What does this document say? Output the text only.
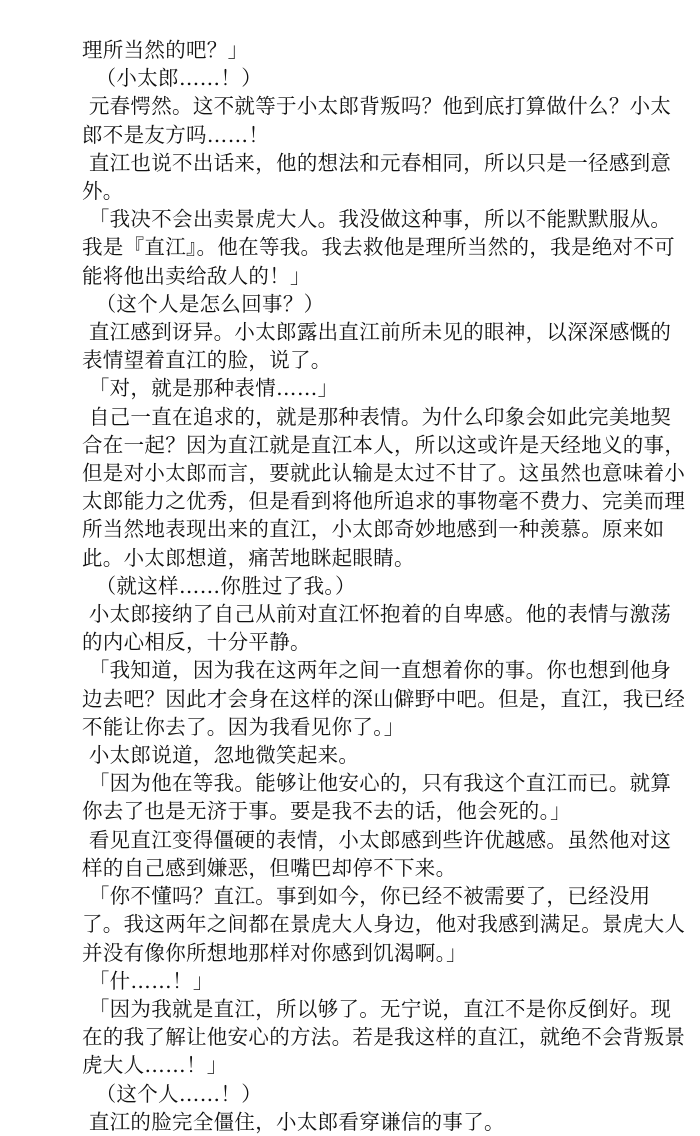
理所当然的吧？」
（小太郎……！）
元春愕然。这不就等于小太郎背叛吗？他到底打算做什么？小太
郎不是友方吗……！
直江也说不出话来，他的想法和元春相同，所以只是一径感到意
外。
「我决不会出卖景虎大人。我没做这种事，所以不能默默服从。
我是『直江』。他在等我。我去救他是理所当然的，我是绝对不可
能将他出卖给敌人的！」
（这个人是怎么回事？）
直江感到讶异。小太郎露出直江前所未见的眼神，以深深感慨的
表情望着直江的脸，说了。
「对，就是那种表情……」
自己一直在追求的，就是那种表情。为什么印象会如此完美地契
合在一起？因为直江就是直江本人，所以这或许是天经地义的事，
但是对小太郎而言，要就此认输是太过不甘了。这虽然也意味着小
太郎能力之优秀，但是看到将他所追求的事物毫不费力、完美而理
所当然地表现出来的直江，小太郎奇妙地感到一种羡慕。原来如
此。小太郎想道，痛苦地眯起眼睛。
（就这样……你胜过了我。）
小太郎接纳了自己从前对直江怀抱着的自卑感。他的表情与激荡
的内心相反，十分平静。
「我知道，因为我在这两年之间一直想着你的事。你也想到他身
边去吧？因此才会身在这样的深山僻野中吧。但是，直江，我已经
不能让你去了。因为我看见你了。」
小太郎说道，忽地微笑起来。
「因为他在等我。能够让他安心的，只有我这个直江而已。就算
你去了也是无济于事。要是我不去的话，他会死的。」
看见直江变得僵硬的表情，小太郎感到些许优越感。虽然他对这
样的自己感到嫌恶，但嘴巴却停不下来。
「你不懂吗？直江。事到如今，你已经不被需要了，已经没用
了。我这两年之间都在景虎大人身边，他对我感到满足。景虎大人
并没有像你所想地那样对你感到饥渴啊。」
「什……！」
「因为我就是直江，所以够了。无宁说，直江不是你反倒好。现
在的我了解让他安心的方法。若是我这样的直江，就绝不会背叛景
虎大人……！」
（这个人……！）
直江的脸完全僵住，小太郎看穿谦信的事了。
